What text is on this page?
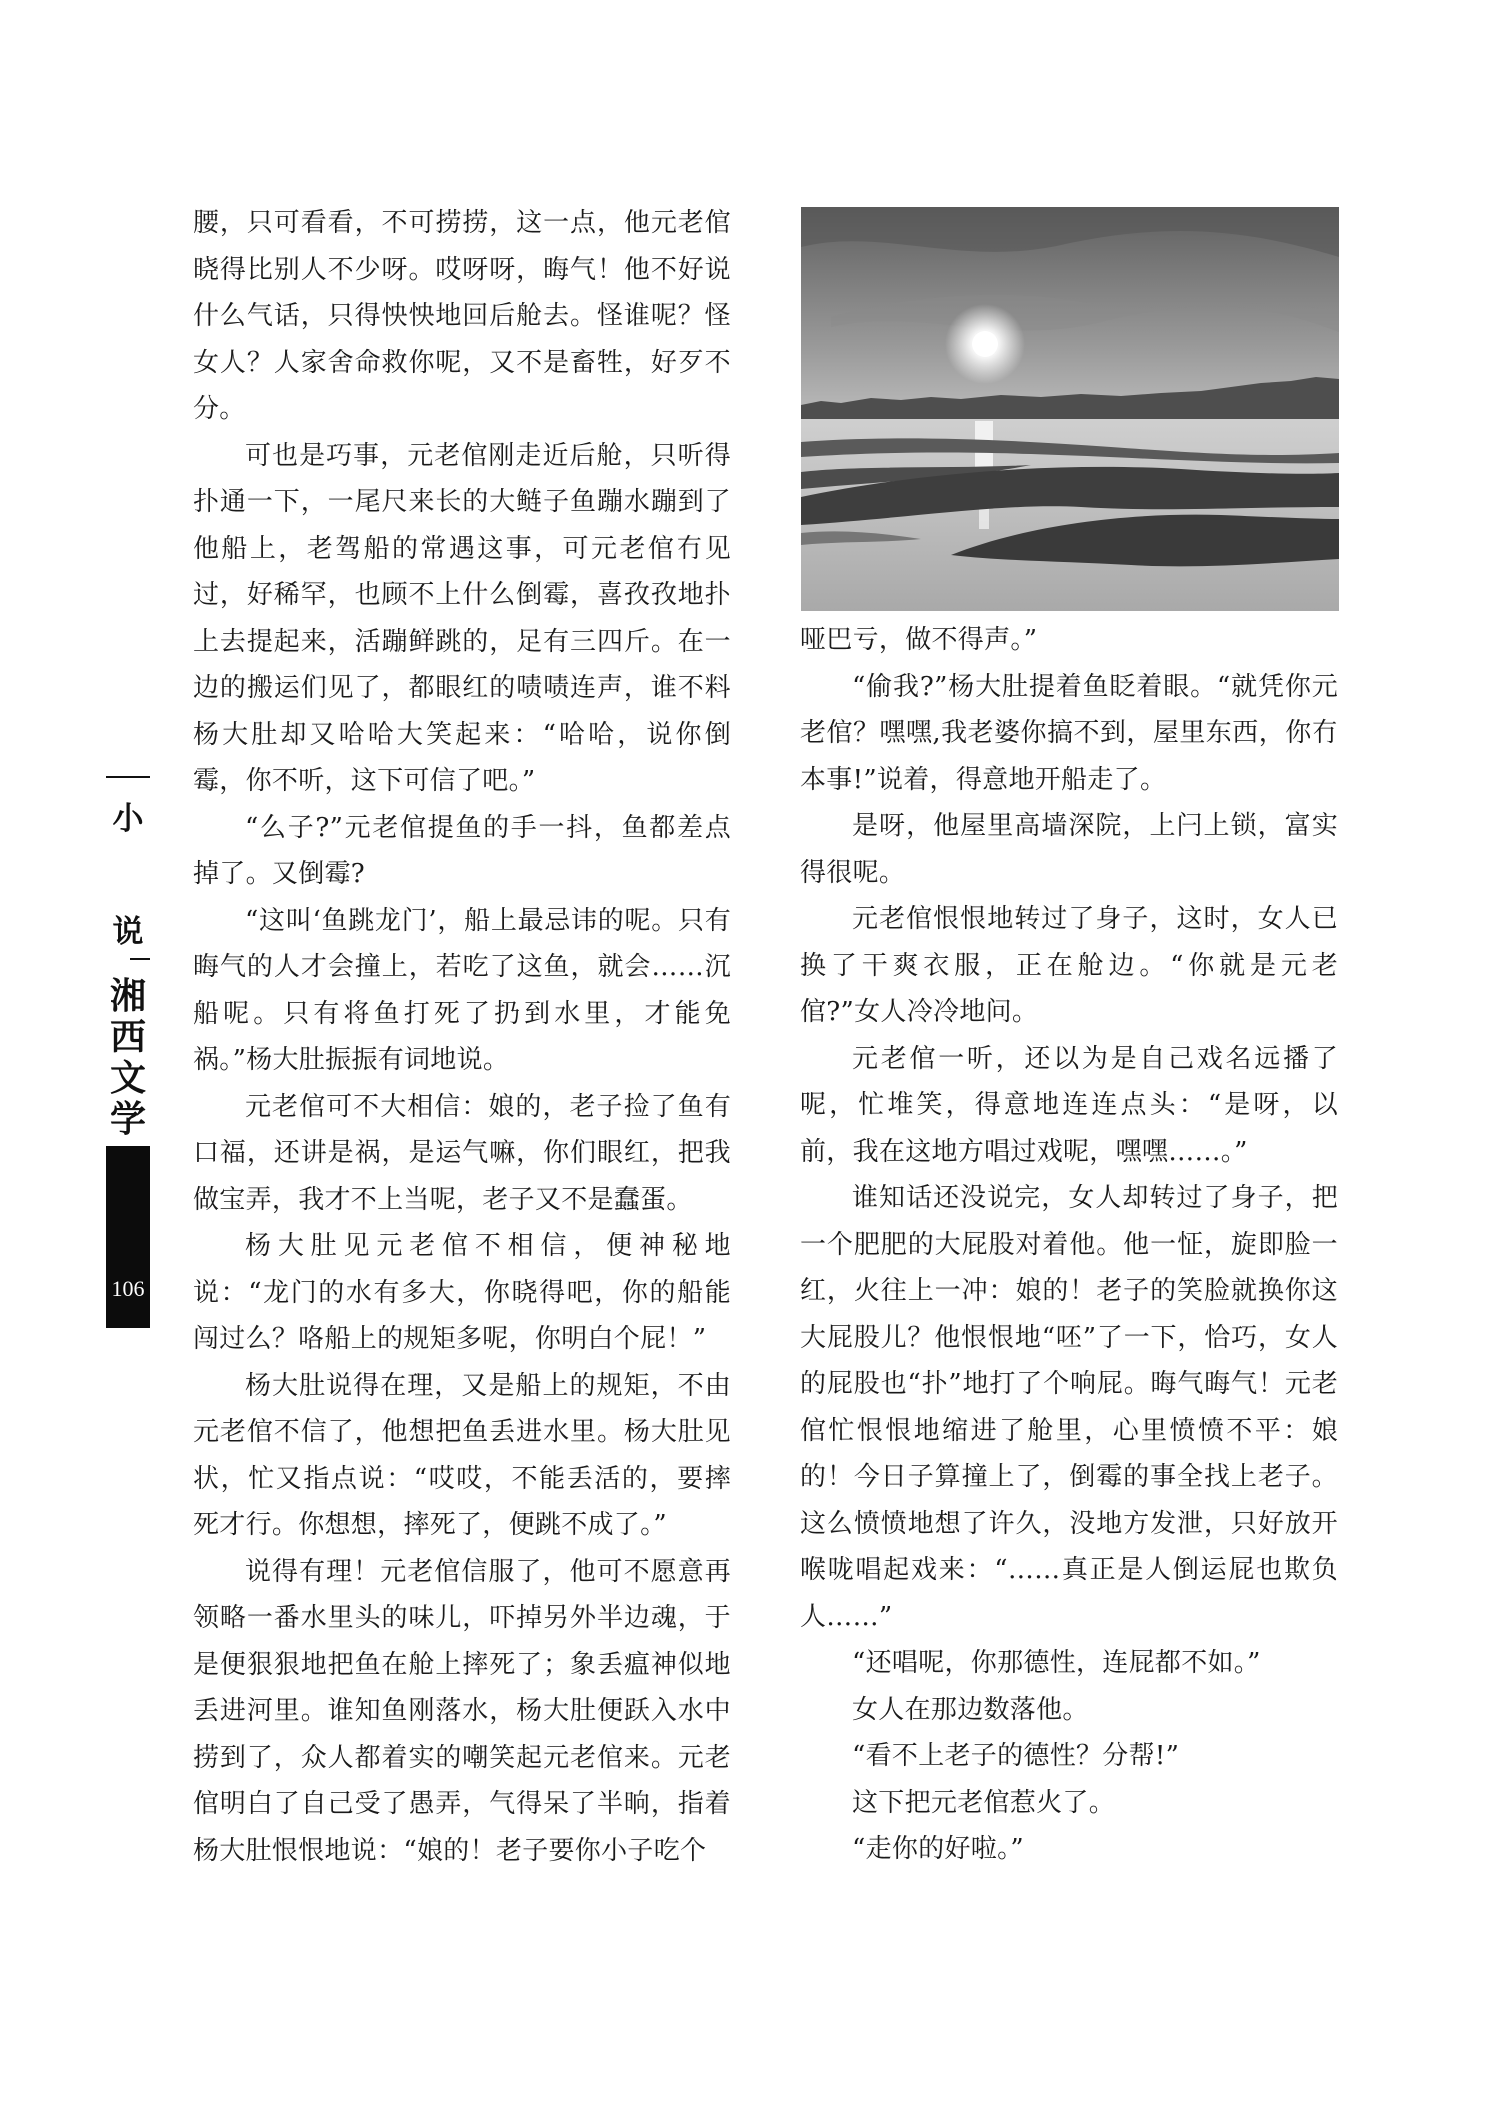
腰，只可看看，不可捞捞，这一点，他元老倌晓得比别人不少呀。哎呀呀，晦气！他不好说什么气话，只得怏怏地回后舱去。怪谁呢？怪女人？人家舍命救你呢，又不是畜牲，好歹不分。

可也是巧事，元老倌刚走近后舱，只听得扑通一下，一尾尺来长的大鲢子鱼蹦水蹦到了他船上，老驾船的常遇这事，可元老倌冇见过，好稀罕，也顾不上什么倒霉，喜孜孜地扑上去提起来，活蹦鲜跳的，足有三四斤。在一边的搬运们见了，都眼红的啧啧连声，谁不料杨大肚却又哈哈大笑起来：“哈哈，说你倒霉，你不听，这下可信了吧。”

“么子?”元老倌提鱼的手一抖，鱼都差点掉了。又倒霉?

“这叫‘鱼跳龙门’，船上最忌讳的呢。只有晦气的人才会撞上，若吃了这鱼，就会……沉船呢。只有将鱼打死了扔到水里，才能免祸。”杨大肚振振有词地说。

元老倌可不大相信：娘的，老子捡了鱼有口福，还讲是祸，是运气嘛，你们眼红，把我做宝弄，我才不上当呢，老子又不是蠢蛋。

杨大肚见元老倌不相信，便神秘地说：“龙门的水有多大，你晓得吧，你的船能闯过么？咯船上的规矩多呢，你明白个屁！”

杨大肚说得在理，又是船上的规矩，不由元老倌不信了，他想把鱼丢进水里。杨大肚见状，忙又指点说：“哎哎，不能丢活的，要摔死才行。你想想，摔死了，便跳不成了。”

说得有理！元老倌信服了，他可不愿意再领略一番水里头的味儿，吓掉另外半边魂，于是便狠狠地把鱼在舱上摔死了；象丢瘟神似地丢进河里。谁知鱼刚落水，杨大肚便跃入水中捞到了，众人都着实的嘲笑起元老倌来。元老倌明白了自己受了愚弄，气得呆了半晌，指着杨大肚恨恨地说：“娘的！老子要你小子吃个

哑巴亏，做不得声。”

“偷我?”杨大肚提着鱼眨着眼。“就凭你元老倌？嘿嘿,我老婆你搞不到，屋里东西，你冇本事!”说着，得意地开船走了。

是呀，他屋里高墙深院，上闩上锁，富实得很呢。

元老倌恨恨地转过了身子，这时，女人已换了干爽衣服，正在舱边。“你就是元老倌?”女人冷冷地问。

元老倌一听，还以为是自己戏名远播了呢，忙堆笑，得意地连连点头：“是呀，以前，我在这地方唱过戏呢，嘿嘿……。”

谁知话还没说完，女人却转过了身子，把一个肥肥的大屁股对着他。他一怔，旋即脸一红，火往上一冲：娘的！老子的笑脸就换你这大屁股儿？他恨恨地“呸”了一下，恰巧，女人的屁股也“扑”地打了个响屁。晦气晦气！元老倌忙恨恨地缩进了舱里，心里愤愤不平：娘的！今日子算撞上了，倒霉的事全找上老子。这么愤愤地想了许久，没地方发泄，只好放开喉咙唱起戏来：“……真正是人倒运屁也欺负人……”

“还唱呢，你那德性，连屁都不如。”

女人在那边数落他。

“看不上老子的德性？分帮!”

这下把元老倌惹火了。

“走你的好啦。”

小
说
湘
西
文
学
106
